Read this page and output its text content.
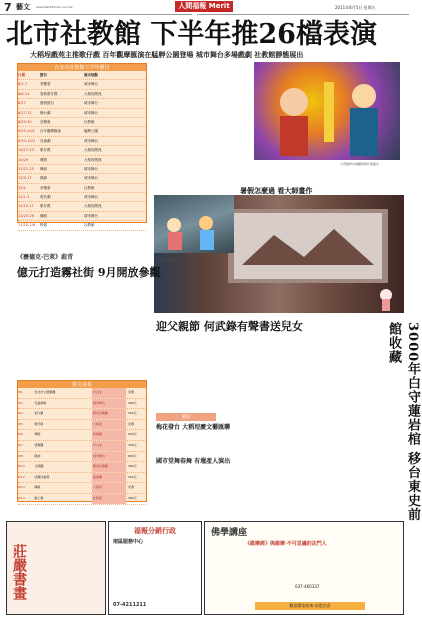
7 藝文 www.MeritTimes.com.tw	人間福報 Merit Times
2011年8月5日 星期五
北市社教館 下半年推26檔表演
大稻埕戲苑主推歌仔戲 百年觀摩匯演在艋舺公園登場 城市舞台多場戲劇 社教館靜態展出
台北市社教館下半年節目
日期	節目	演出地點
8/1-7	李寶春	城市舞台
8/8-14	春秋歌仔戲	大稻埕戲苑
8/17	藝術節目	城市舞台
8/17-21	舞台劇	城市舞台
8/29-30	音樂會	社教館
9/25-10/2	百年觀摩匯演	艋舺公園
9/30-10/2	兒童劇	城市舞台
10/17-23	歌仔戲	大稻埕戲苑
10/29	偶戲	大稻埕戲苑
11/21-25	舞蹈	城市舞台
12/9-17	戲劇	城市舞台
12/1	音樂會	社教館
12/1-3	現代劇	城市舞台
12/10-11	歌仔戲	大稻埕戲苑
12/25-26	舞蹈	城市舞台
11/25-1/6	特展	社教館
小西園掌中劇團與歌仔戲演出
暑假怎麼過 看大師畫作
小朋友參觀畫展
《賽德克‧巴萊》殺青
億元打造霧社街 9月開放參觀
迎父親節 何武錄有聲書送兒女	3000年白守蓮岩棺 移台東史前館收藏
藝文看板
8/1	台北市立國樂團	中山堂	免費
8/2	兒童劇場	城市舞台	400元
8/4	室內樂	國家音樂廳	500元
8/5	歌仔戲	大稻埕	免費
8/6	舞蹈	新舞臺	600元
8/7	管樂團	中山堂	300元
8/8	戲劇	城市舞台	800元
8/10	合唱團	國家音樂廳	400元
8/12	弦樂四重奏	演奏廳	500元
8/13	偶戲	大稻埕	免費
8/14	爵士樂	社教館	300元
藝訊
梅花發台 大稻埕慶文藝匯聯
國市堂舞春舞 有壇產人演出
莊嚴書畫
福報分銷行政
南區服務中心
07-4211211
佛學講座
《維摩經》與維摩‧不可思議的法門人
037-460337
歡迎闔家前來‧同霑法喜
